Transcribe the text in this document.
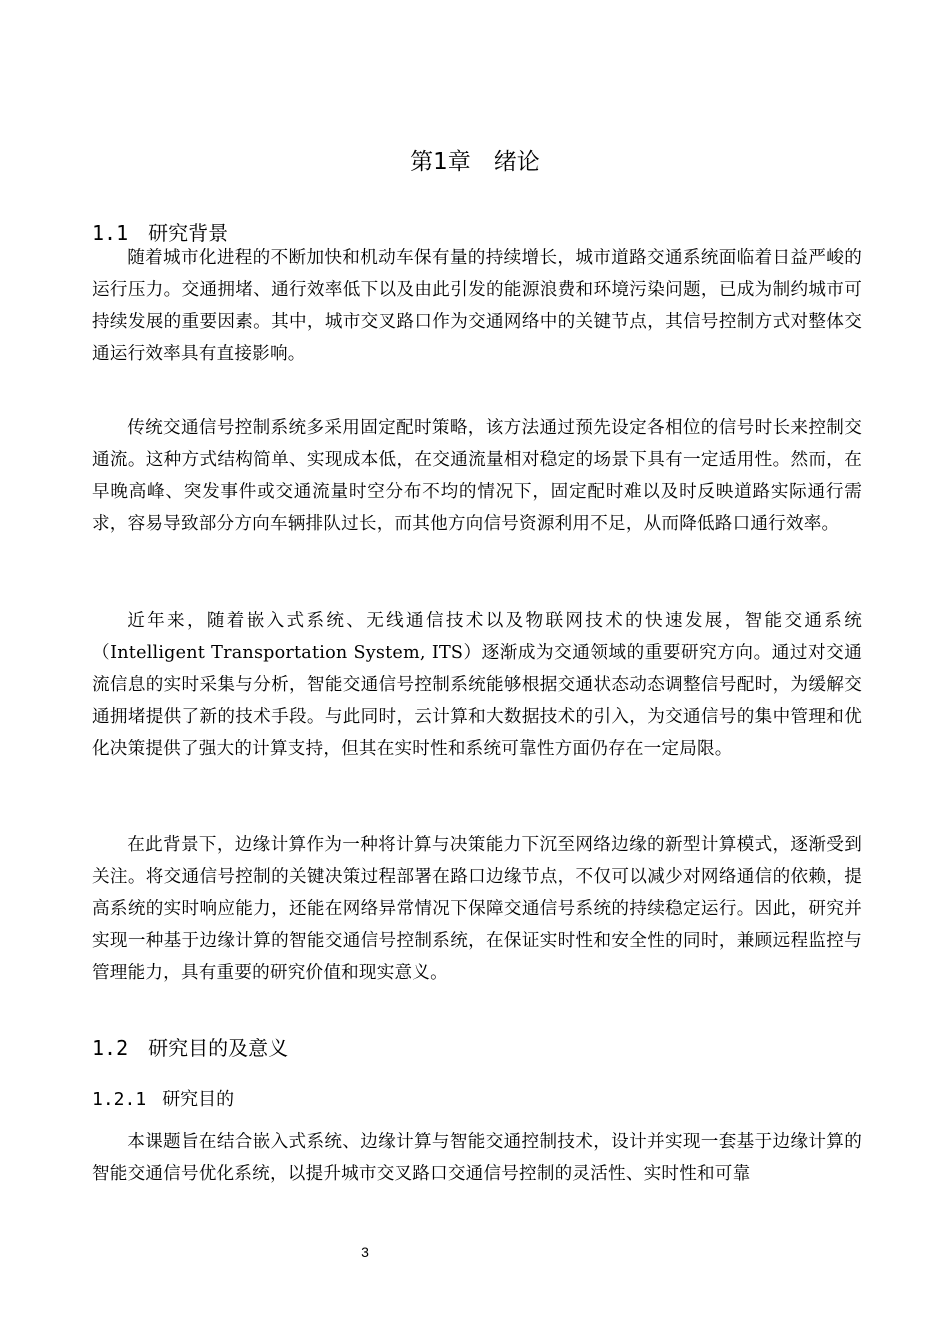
第1章　绪论
1.1 研究背景

随着城市化进程的不断加快和机动车保有量的持续增长，城市道路交通系统面临着日益严峻的运行压力。交通拥堵、通行效率低下以及由此引发的能源浪费和环境污染问题，已成为制约城市可持续发展的重要因素。其中，城市交叉路口作为交通网络中的关键节点，其信号控制方式对整体交通运行效率具有直接影响。

传统交通信号控制系统多采用固定配时策略，该方法通过预先设定各相位的信号时长来控制交通流。这种方式结构简单、实现成本低，在交通流量相对稳定的场景下具有一定适用性。然而，在早晚高峰、突发事件或交通流量时空分布不均的情况下，固定配时难以及时反映道路实际通行需求，容易导致部分方向车辆排队过长，而其他方向信号资源利用不足，从而降低路口通行效率。

近年来，随着嵌入式系统、无线通信技术以及物联网技术的快速发展，智能交通系统（Intelligent Transportation System, ITS）逐渐成为交通领域的重要研究方向。通过对交通流信息的实时采集与分析，智能交通信号控制系统能够根据交通状态动态调整信号配时，为缓解交通拥堵提供了新的技术手段。与此同时，云计算和大数据技术的引入，为交通信号的集中管理和优化决策提供了强大的计算支持，但其在实时性和系统可靠性方面仍存在一定局限。

在此背景下，边缘计算作为一种将计算与决策能力下沉至网络边缘的新型计算模式，逐渐受到关注。将交通信号控制的关键决策过程部署在路口边缘节点，不仅可以减少对网络通信的依赖，提高系统的实时响应能力，还能在网络异常情况下保障交通信号系统的持续稳定运行。因此，研究并实现一种基于边缘计算的智能交通信号控制系统，在保证实时性和安全性的同时，兼顾远程监控与管理能力，具有重要的研究价值和现实意义。

1.2 研究目的及意义
1.2.1 研究目的

本课题旨在结合嵌入式系统、边缘计算与智能交通控制技术，设计并实现一套基于边缘计算的智能交通信号优化系统，以提升城市交叉路口交通信号控制的灵活性、实时性和可靠

3
